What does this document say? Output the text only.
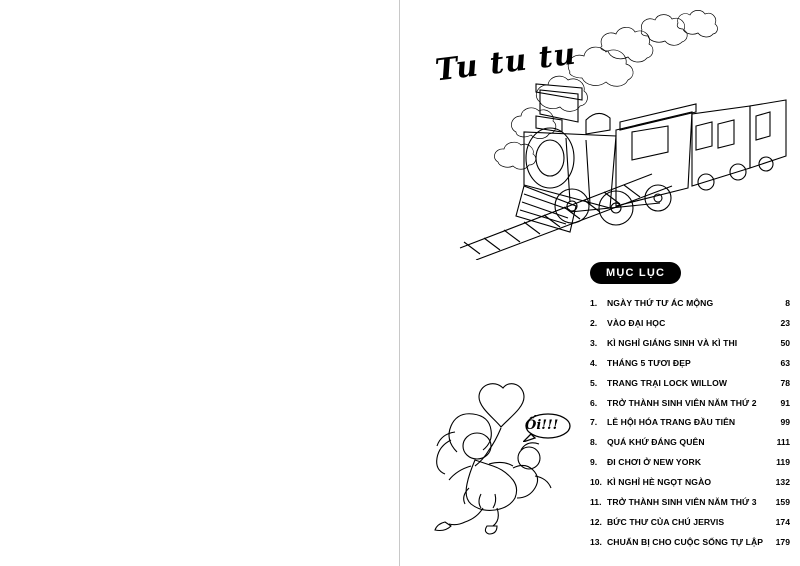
Tu tu tu
Ối!!!
MỤC LỤC
1.	NGÀY THỨ TƯ ÁC MỘNG	8
2.	VÀO ĐẠI HỌC	23
3.	KÌ NGHỈ GIÁNG SINH VÀ KÌ THI	50
4.	THÁNG 5 TƯƠI ĐẸP	63
5.	TRANG TRẠI LOCK WILLOW	78
6.	TRỞ THÀNH SINH VIÊN NĂM THỨ 2	91
7.	LỄ HỘI HÓA TRANG ĐẦU TIÊN	99
8.	QUÁ KHỨ ĐÁNG QUÊN	111
9.	ĐI CHƠI Ở NEW YORK	119
10. KÌ NGHỈ HÈ NGỌT NGÀO	132
11. TRỞ THÀNH SINH VIÊN NĂM THỨ 3 159
12. BỨC THƯ CỦA CHÚ JERVIS	174
13. CHUẨN BỊ CHO CUỘC SỐNG TỰ LẬP 179
